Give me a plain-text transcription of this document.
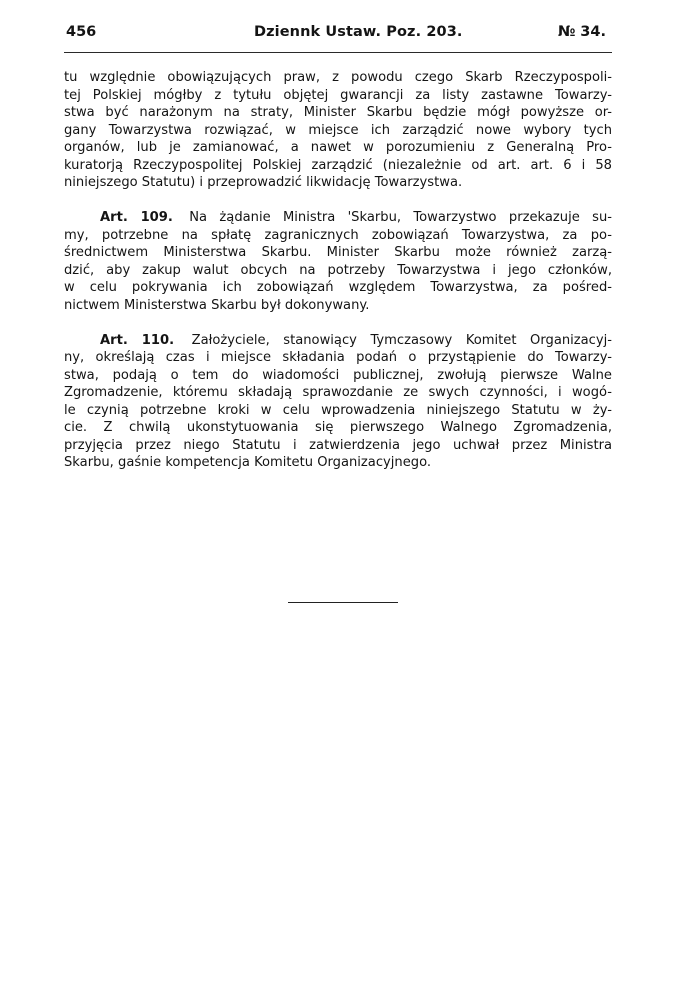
456	Dziennk Ustaw. Poz. 203.	№ 34.
tu względnie obowiązujących praw, z powodu czego Skarb Rzeczypospoli-
tej Polskiej mógłby z tytułu objętej gwarancji za listy zastawne Towarzy-
stwa być narażonym na straty, Minister Skarbu będzie mógł powyższe or-
gany Towarzystwa rozwiązać, w miejsce ich zarządzić nowe wybory tych
organów, lub je zamianować, a nawet w porozumieniu z Generalną Pro-
kuratorją Rzeczypospolitej Polskiej zarządzić (niezależnie od art. art. 6 i 58
niniejszego Statutu) i przeprowadzić likwidację Towarzystwa.
Art. 109. Na żądanie Ministra 'Skarbu, Towarzystwo przekazuje su-
my, potrzebne na spłatę zagranicznych zobowiązań Towarzystwa, za po-
średnictwem Ministerstwa Skarbu. Minister Skarbu może również zarzą-
dzić, aby zakup walut obcych na potrzeby Towarzystwa i jego członków,
w celu pokrywania ich zobowiązań względem Towarzystwa, za pośred-
nictwem Ministerstwa Skarbu był dokonywany.
Art. 110. Założyciele, stanowiący Tymczasowy Komitet Organizacyj-
ny, określają czas i miejsce składania podań o przystąpienie do Towarzy-
stwa, podają o tem do wiadomości publicznej, zwołują pierwsze Walne
Zgromadzenie, któremu składają sprawozdanie ze swych czynności, i wogó-
le czynią potrzebne kroki w celu wprowadzenia niniejszego Statutu w ży-
cie. Z chwilą ukonstytuowania się pierwszego Walnego Zgromadzenia,
przyjęcia przez niego Statutu i zatwierdzenia jego uchwał przez Ministra
Skarbu, gaśnie kompetencja Komitetu Organizacyjnego.
